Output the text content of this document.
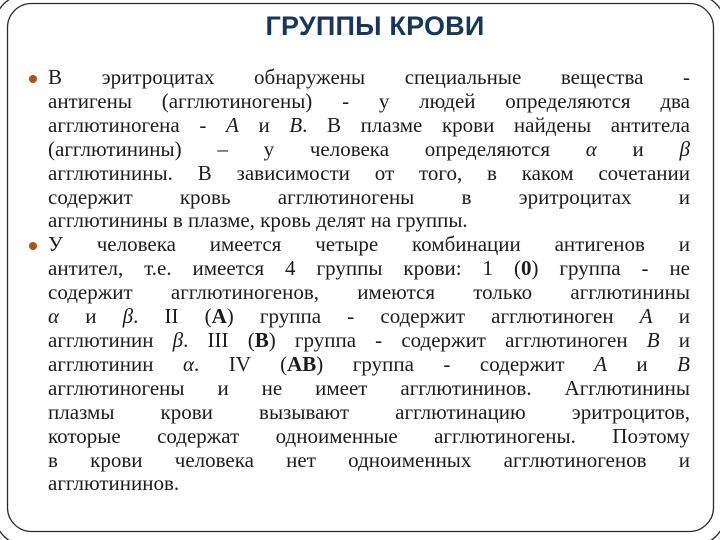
ГРУППЫ КРОВИ
В эритроцитах обнаружены специальные вещества -
антигены (агглютиногены) - у людей определяются два
агглютиногена - А и В. В плазме крови найдены антитела
(агглютинины) – у человека определяются α и β
агглютинины. В зависимости от того, в каком сочетании
содержит кровь агглютиногены в эритроцитах и
агглютинины в плазме, кровь делят на группы.
У человека имеется четыре комбинации антигенов и
антител, т.е. имеется 4 группы крови: 1 (0) группа - не
содержит агглютиногенов, имеются только агглютинины
α и β. II (А) группа - содержит агглютиноген А и
агглютинин β. III (В) группа - содержит агглютиноген В и
агглютинин α. IV (АВ) группа - содержит А и В
агглютиногены и не имеет агглютининов. Агглютинины
плазмы крови вызывают агглютинацию эритроцитов,
которые содержат одноименные агглютиногены. Поэтому
в крови человека нет одноименных агглютиногенов и
агглютининов.
